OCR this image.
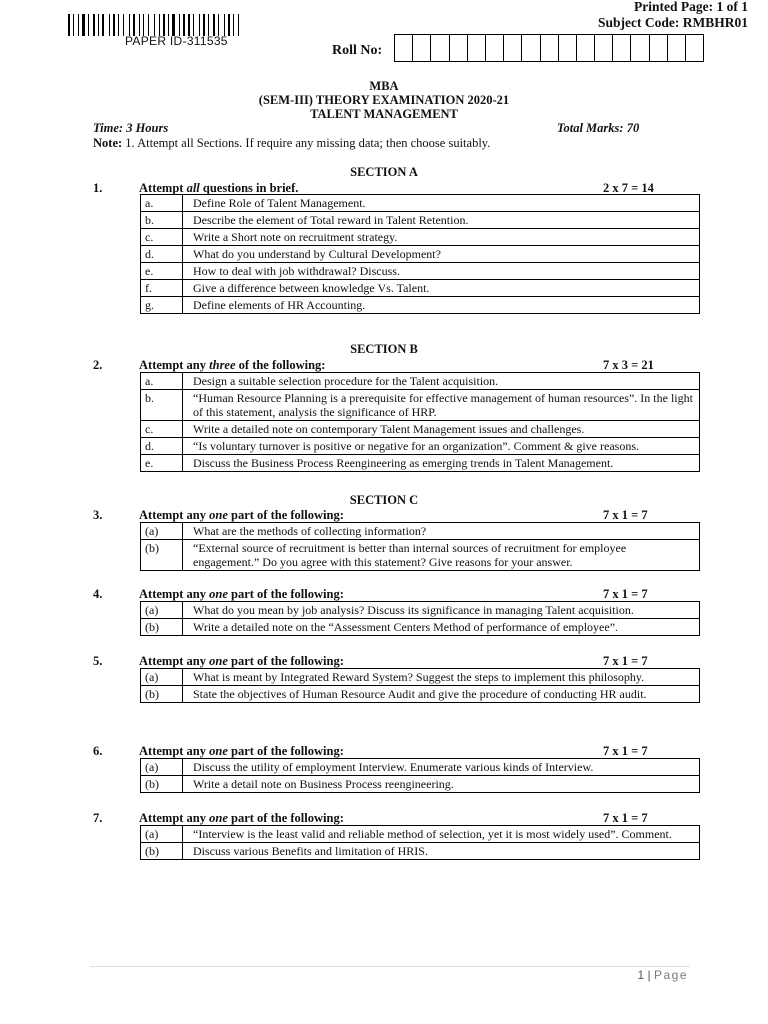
PAPER ID-311535
Printed Page: 1 of 1
Subject Code: RMBHR01
Roll No:
MBA
(SEM-III) THEORY EXAMINATION 2020-21
TALENT MANAGEMENT
Time: 3 Hours	Total Marks: 70
Note: 1. Attempt all Sections. If require any missing data; then choose suitably.
SECTION A
1.	Attempt all questions in brief.	2 x 7 = 14
a.	Define Role of Talent Management.
b.	Describe the element of Total reward in Talent Retention.
c.	Write a Short note on recruitment strategy.
d.	What do you understand by Cultural Development?
e.	How to deal with job withdrawal? Discuss.
f.	Give a difference between knowledge Vs. Talent.
g.	Define elements of HR Accounting.
SECTION B
2.	Attempt any three of the following:	7 x 3 = 21
a.	Design a suitable selection procedure for the Talent acquisition.
b.	“Human Resource Planning is a prerequisite for effective management of human resources”. In the light of this statement, analysis the significance of HRP.
c.	Write a detailed note on contemporary Talent Management issues and challenges.
d.	“Is voluntary turnover is positive or negative for an organization”. Comment & give reasons.
e.	Discuss the Business Process Reengineering as emerging trends in Talent Management.
SECTION C
3.	Attempt any one part of the following:	7 x 1 = 7
(a)	What are the methods of collecting information?
(b)	“External source of recruitment is better than internal sources of recruitment for employee engagement.” Do you agree with this statement? Give reasons for your answer.
4.	Attempt any one part of the following:	7 x 1 = 7
(a)	What do you mean by job analysis? Discuss its significance in managing Talent acquisition.
(b)	Write a detailed note on the “Assessment Centers Method of performance of employee”.
5.	Attempt any one part of the following:	7 x 1 = 7
(a)	What is meant by Integrated Reward System? Suggest the steps to implement this philosophy.
(b)	State the objectives of Human Resource Audit and give the procedure of conducting HR audit.
6.	Attempt any one part of the following:	7 x 1 = 7
(a)	Discuss the utility of employment Interview. Enumerate various kinds of Interview.
(b)	Write a detail note on Business Process reengineering.
7.	Attempt any one part of the following:	7 x 1 = 7
(a)	“Interview is the least valid and reliable method of selection, yet it is most widely used”. Comment.
(b)	Discuss various Benefits and limitation of HRIS.
1 | Page
